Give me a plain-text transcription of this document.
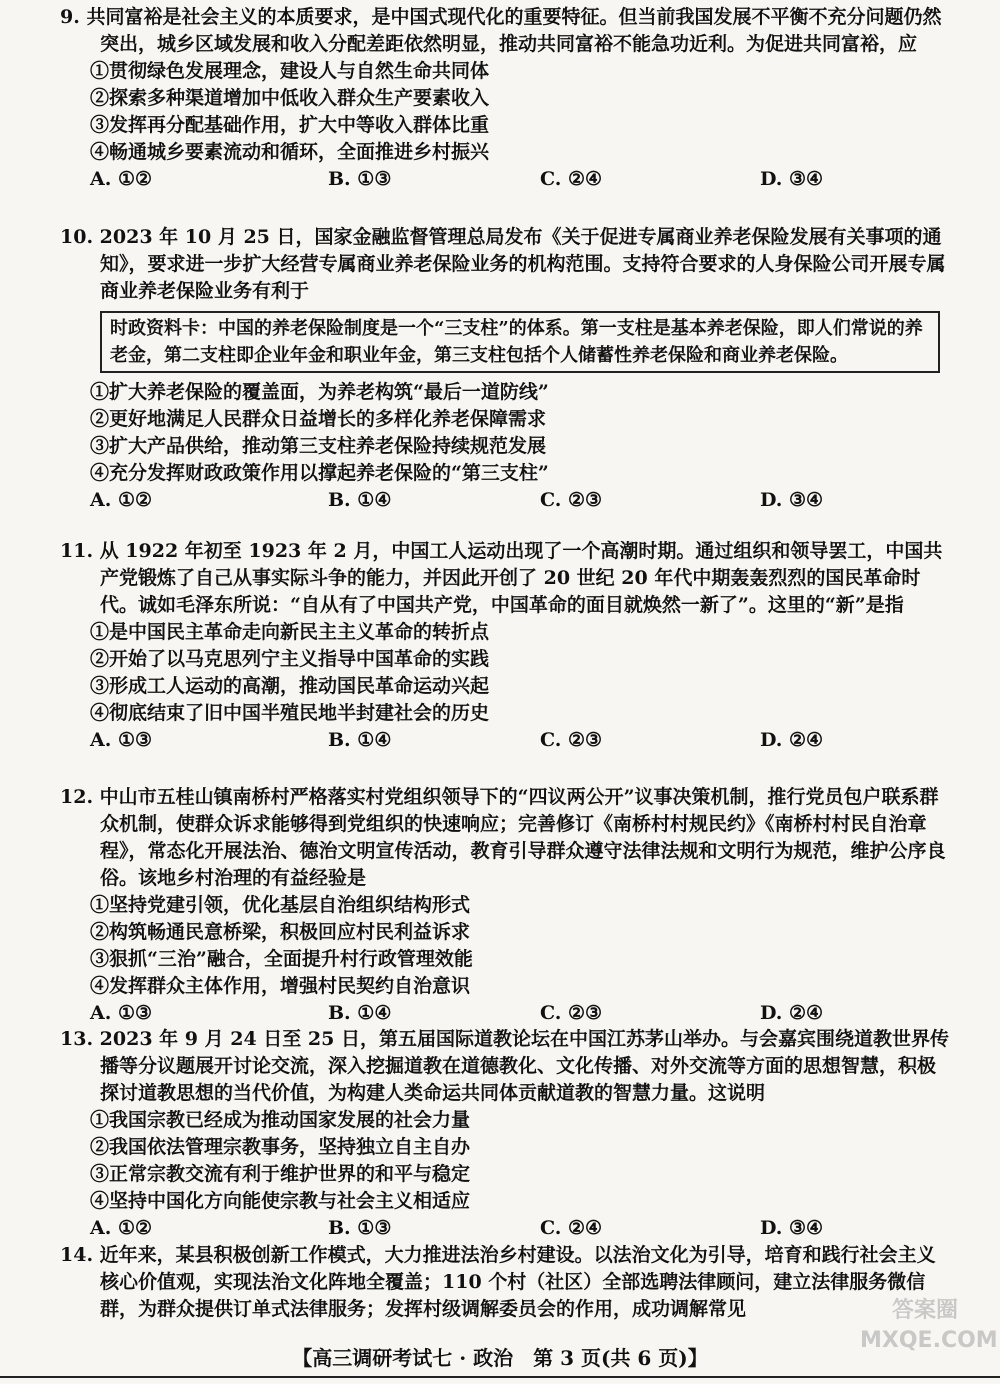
9. 共同富裕是社会主义的本质要求，是中国式现代化的重要特征。但当前我国发展不平衡不充分问题仍然突出，城乡区域发展和收入分配差距依然明显，推动共同富裕不能急功近利。为促进共同富裕，应

①贯彻绿色发展理念，建设人与自然生命共同体

②探索多种渠道增加中低收入群众生产要素收入

③发挥再分配基础作用，扩大中等收入群体比重

④畅通城乡要素流动和循环，全面推进乡村振兴

A. ①②	B. ①③	C. ②④	D. ③④

10. 2023 年 10 月 25 日，国家金融监督管理总局发布《关于促进专属商业养老保险发展有关事项的通知》，要求进一步扩大经营专属商业养老保险业务的机构范围。支持符合要求的人身保险公司开展专属商业养老保险业务有利于

时政资料卡：中国的养老保险制度是一个“三支柱”的体系。第一支柱是基本养老保险，即人们常说的养老金，第二支柱即企业年金和职业年金，第三支柱包括个人储蓄性养老保险和商业养老保险。

①扩大养老保险的覆盖面，为养老构筑“最后一道防线”

②更好地满足人民群众日益增长的多样化养老保障需求

③扩大产品供给，推动第三支柱养老保险持续规范发展

④充分发挥财政政策作用以撑起养老保险的“第三支柱”

A. ①②	B. ①④	C. ②③	D. ③④

11. 从 1922 年初至 1923 年 2 月，中国工人运动出现了一个高潮时期。通过组织和领导罢工，中国共产党锻炼了自己从事实际斗争的能力，并因此开创了 20 世纪 20 年代中期轰轰烈烈的国民革命时代。诚如毛泽东所说：“自从有了中国共产党，中国革命的面目就焕然一新了”。这里的“新”是指

①是中国民主革命走向新民主主义革命的转折点

②开始了以马克思列宁主义指导中国革命的实践

③形成工人运动的高潮，推动国民革命运动兴起

④彻底结束了旧中国半殖民地半封建社会的历史

A. ①③	B. ①④	C. ②③	D. ②④

12. 中山市五桂山镇南桥村严格落实村党组织领导下的“四议两公开”议事决策机制，推行党员包户联系群众机制，使群众诉求能够得到党组织的快速响应；完善修订《南桥村村规民约》《南桥村村民自治章程》，常态化开展法治、德治文明宣传活动，教育引导群众遵守法律法规和文明行为规范，维护公序良俗。该地乡村治理的有益经验是

①坚持党建引领，优化基层自治组织结构形式

②构筑畅通民意桥梁，积极回应村民利益诉求

③狠抓“三治”融合，全面提升村行政管理效能

④发挥群众主体作用，增强村民契约自治意识

A. ①③	B. ①④	C. ②③	D. ②④

13. 2023 年 9 月 24 日至 25 日，第五届国际道教论坛在中国江苏茅山举办。与会嘉宾围绕道教世界传播等分议题展开讨论交流，深入挖掘道教在道德教化、文化传播、对外交流等方面的思想智慧，积极探讨道教思想的当代价值，为构建人类命运共同体贡献道教的智慧力量。这说明

①我国宗教已经成为推动国家发展的社会力量

②我国依法管理宗教事务，坚持独立自主自办

③正常宗教交流有利于维护世界的和平与稳定

④坚持中国化方向能使宗教与社会主义相适应

A. ①②	B. ①③	C. ②④	D. ③④

14. 近年来，某县积极创新工作模式，大力推进法治乡村建设。以法治文化为引导，培育和践行社会主义核心价值观，实现法治文化阵地全覆盖；110 个村（社区）全部选聘法律顾问，建立法律服务微信群，为群众提供订单式法律服务；发挥村级调解委员会的作用，成功调解常见	答案圈
MXQE.COM
【高三调研考试七 · 政治　第 3 页(共 6 页)】
